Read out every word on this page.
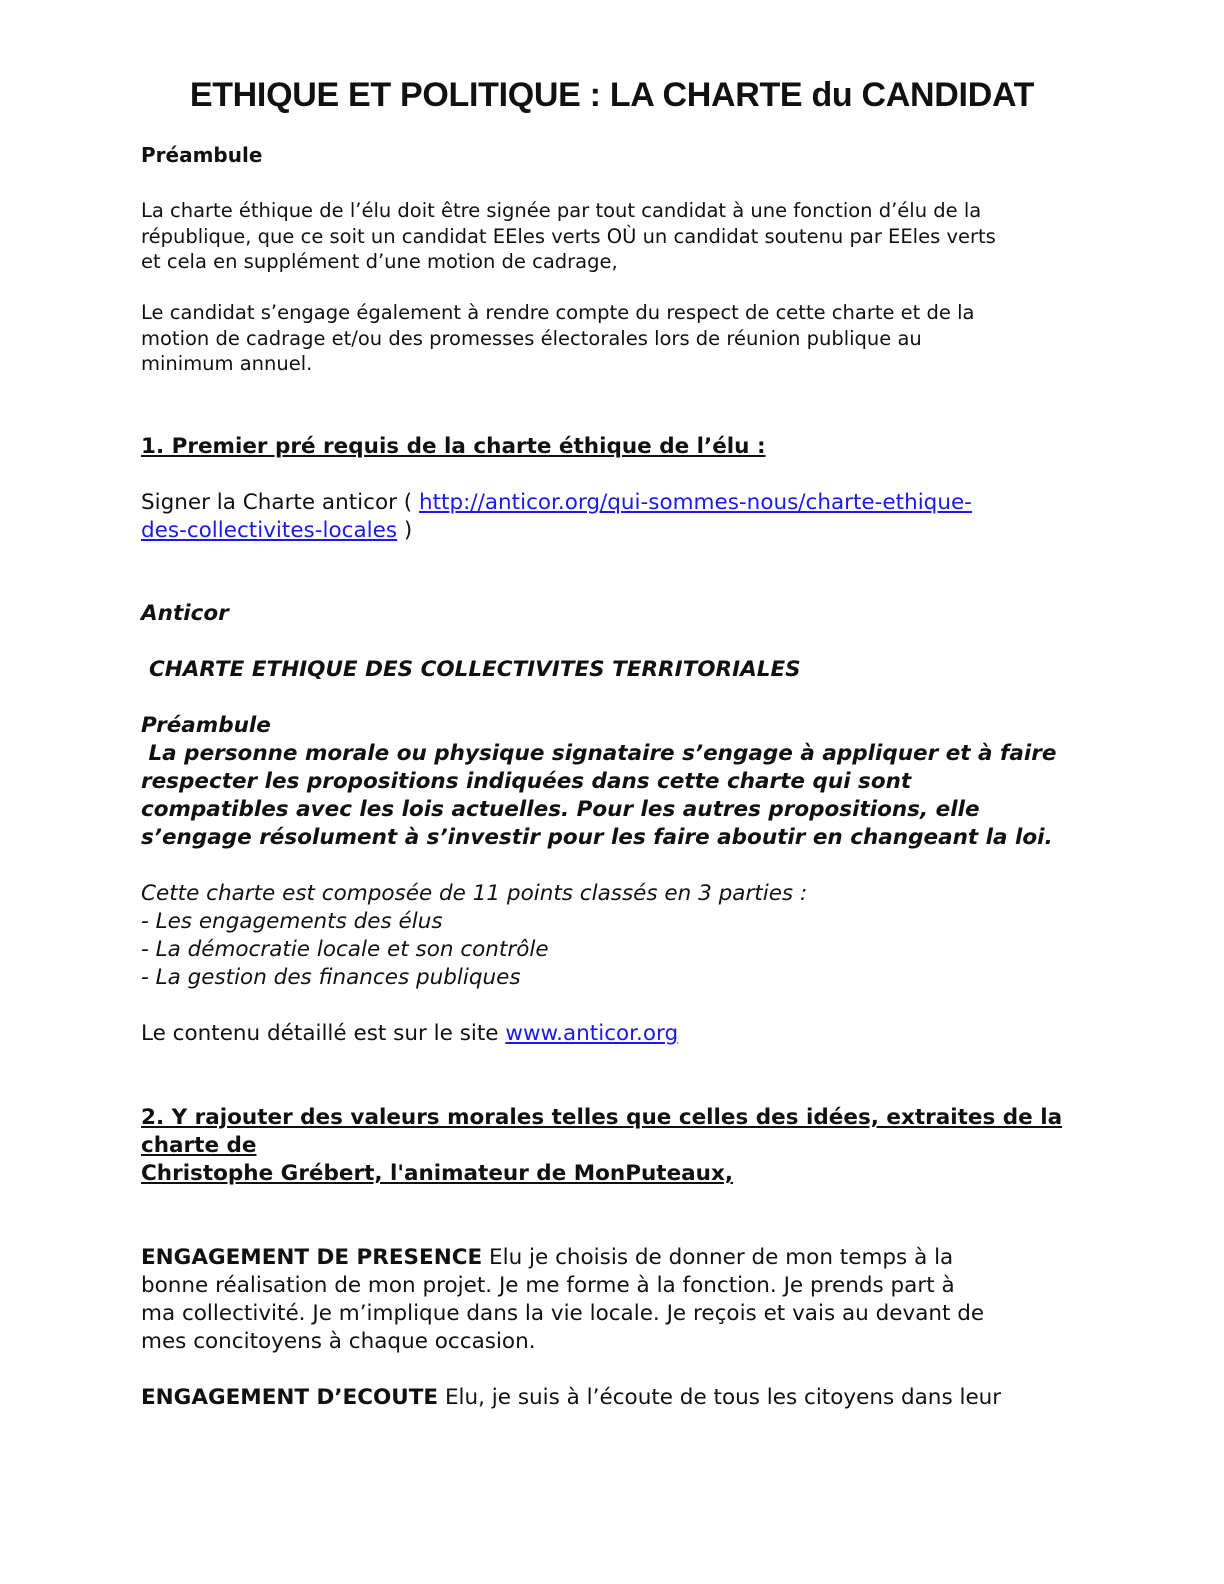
ETHIQUE ET POLITIQUE : LA CHARTE du CANDIDAT
Préambule
La charte éthique de l’élu doit être signée par tout candidat à une fonction d’élu de la
république, que ce soit un candidat EEles verts OÙ un candidat soutenu par EEles verts
et cela en supplément d’une motion de cadrage,
Le candidat s’engage également à rendre compte du respect de cette charte et de la
motion de cadrage et/ou des promesses électorales lors de réunion publique au
minimum annuel.
1. Premier pré requis de la charte éthique de l’élu :
Signer la Charte anticor ( http://anticor.org/qui-sommes-nous/charte-ethique-
des-collectivites-locales )
Anticor
CHARTE ETHIQUE DES COLLECTIVITES TERRITORIALES
Préambule
La personne morale ou physique signataire s’engage à appliquer et à faire
respecter les propositions indiquées dans cette charte qui sont
compatibles avec les lois actuelles. Pour les autres propositions, elle
s’engage résolument à s’investir pour les faire aboutir en changeant la loi.
Cette charte est composée de 11 points classés en 3 parties :
- Les engagements des élus
- La démocratie locale et son contrôle
- La gestion des finances publiques
Le contenu détaillé est sur le site www.anticor.org
2. Y rajouter des valeurs morales telles que celles des idées, extraites de la
charte de
Christophe Grébert, l'animateur de MonPuteaux,
ENGAGEMENT DE PRESENCE Elu je choisis de donner de mon temps à la
bonne réalisation de mon projet. Je me forme à la fonction. Je prends part à
ma collectivité. Je m’implique dans la vie locale. Je reçois et vais au devant de
mes concitoyens à chaque occasion.
ENGAGEMENT D’ECOUTE Elu, je suis à l’écoute de tous les citoyens dans leur
